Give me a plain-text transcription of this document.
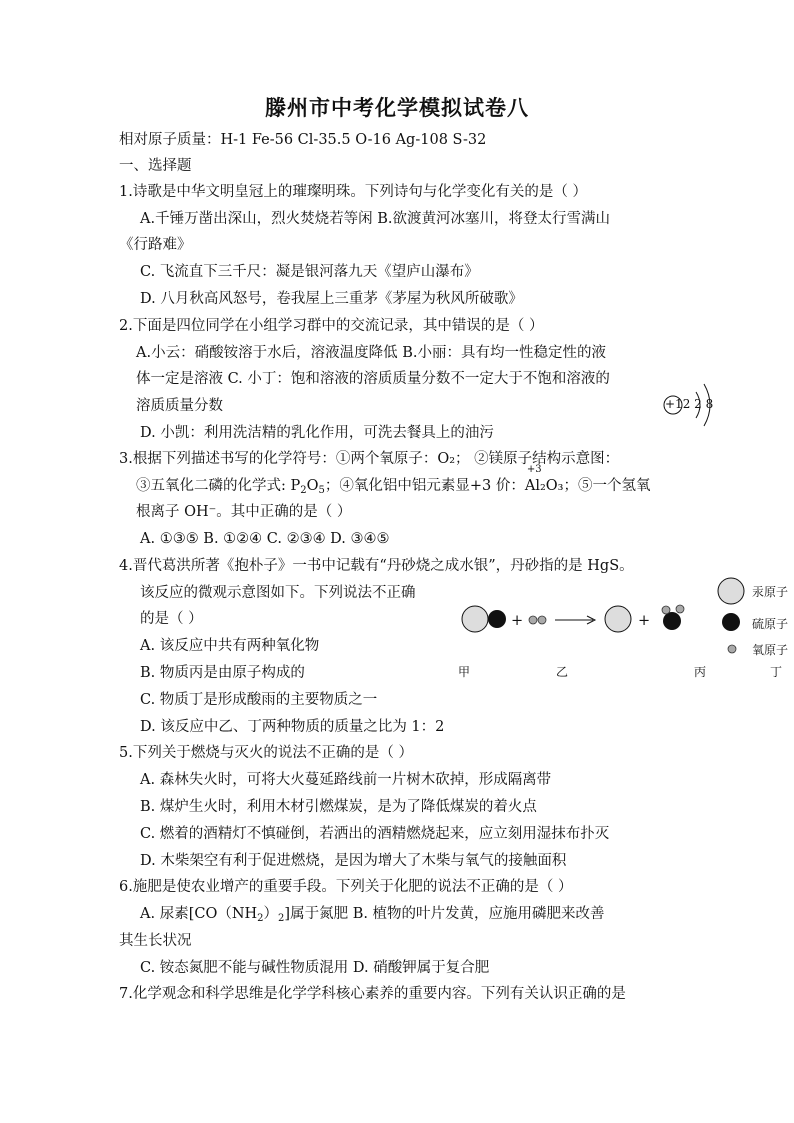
滕州市中考化学模拟试卷八
相对原子质量：H-1 Fe-56 Cl-35.5 O-16 Ag-108 S-32
一、选择题
1.诗歌是中华文明皇冠上的璀璨明珠。下列诗句与化学变化有关的是（ ）
A.千锤万凿出深山，烈火焚烧若等闲 B.欲渡黄河冰塞川，将登太行雪满山
《行路难》
C. 飞流直下三千尺：凝是银河落九天《望庐山瀑布》
D. 八月秋高风怒号，卷我屋上三重茅《茅屋为秋风所破歌》
2.下面是四位同学在小组学习群中的交流记录，其中错误的是（ ）
A.小云：硝酸铵溶于水后，溶液温度降低 B.小丽：具有均一性稳定性的液
体一定是溶液 C. 小丁：饱和溶液的溶质质量分数不一定大于不饱和溶液的
溶质质量分数
D. 小凯：利用洗洁精的乳化作用，可洗去餐具上的油污
+12 2 8
3.根据下列描述书写的化学符号：①两个氧原子：O₂； ②镁原子结构示意图：
③五氧化二磷的化学式: $P_2O_5$；④氧化铝中铝元素显+3 价：
+3
Al₂O₃；⑤一个氢氧
根离子 OH⁻。其中正确的是（ ）
A. ①③⑤ B. ①②④ C. ②③④ D. ③④⑤
4.晋代葛洪所著《抱朴子》一书中记载有“丹砂烧之成水银”，丹砂指的是 HgS。
该反应的微观示意图如下。下列说法不正确
的是（ ）
A. 该反应中共有两种氧化物
B. 物质丙是由原子构成的
C. 物质丁是形成酸雨的主要物质之一
D. 该反应中乙、丁两种物质的质量之比为 1：2
+	+
甲	乙	丙	丁
汞原子
硫原子
氧原子
5.下列关于燃烧与灭火的说法不正确的是（ ）
A. 森林失火时，可将大火蔓延路线前一片树木砍掉，形成隔离带
B. 煤炉生火时，利用木材引燃煤炭，是为了降低煤炭的着火点
C. 燃着的酒精灯不慎碰倒，若洒出的酒精燃烧起来，应立刻用湿抹布扑灭
D. 木柴架空有利于促进燃烧，是因为增大了木柴与氧气的接触面积
6.施肥是使农业增产的重要手段。下列关于化肥的说法不正确的是（ ）
A. 尿素$[CO(NH_2)_2]$属于氮肥 B. 植物的叶片发黄，应施用磷肥来改善
其生长状况
C. 铵态氮肥不能与碱性物质混用 D. 硝酸钾属于复合肥
7.化学观念和科学思维是化学学科核心素养的重要内容。下列有关认识正确的是
